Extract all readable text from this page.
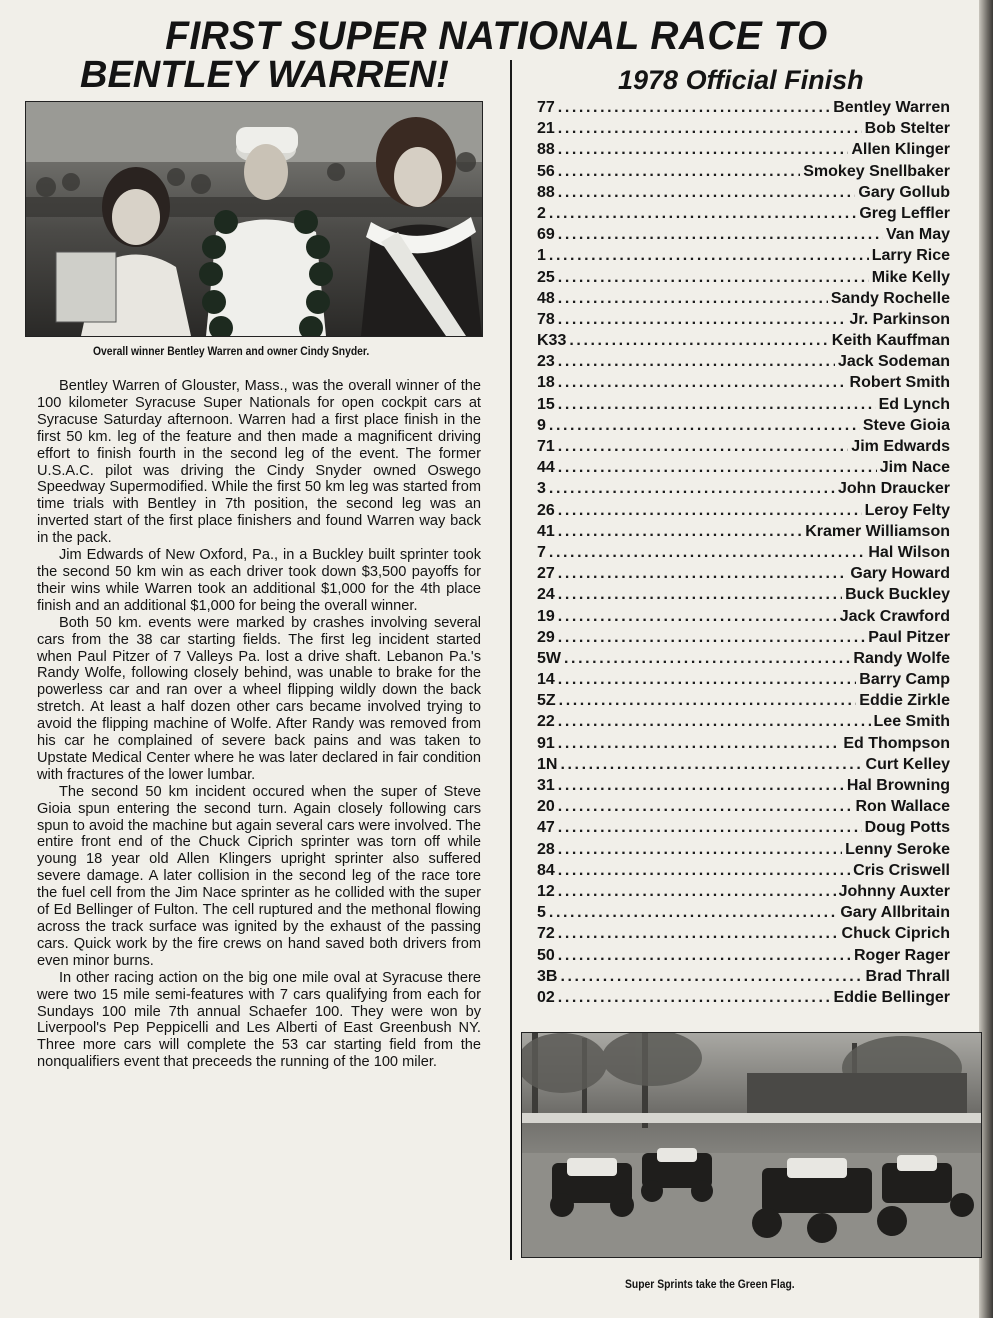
FIRST SUPER NATIONAL RACE TO
BENTLEY WARREN!

Overall winner Bentley Warren and owner Cindy Snyder.

Bentley Warren of Glouster, Mass., was the overall winner of the 100 kilometer Syracuse Super Nationals for open cockpit cars at Syracuse Saturday afternoon. Warren had a first place finish in the first 50 km. leg of the feature and then made a magnificent driving effort to finish fourth in the second leg of the event. The former U.S.A.C. pilot was driving the Cindy Snyder owned Oswego Speedway Supermodified. While the first 50 km leg was started from time trials with Bentley in 7th position, the second leg was an inverted start of the first place finishers and found Warren way back in the pack.

Jim Edwards of New Oxford, Pa., in a Buckley built sprinter took the second 50 km win as each driver took down $3,500 payoffs for their wins while Warren took an additional $1,000 for the 4th place finish and an additional $1,000 for being the overall winner.

Both 50 km. events were marked by crashes involving several cars from the 38 car starting fields. The first leg incident started when Paul Pitzer of 7 Valleys Pa. lost a drive shaft. Lebanon Pa.'s Randy Wolfe, following closely behind, was unable to brake for the powerless car and ran over a wheel flipping wildly down the back stretch. At least a half dozen other cars became involved trying to avoid the flipping machine of Wolfe. After Randy was removed from his car he complained of severe back pains and was taken to Upstate Medical Center where he was later declared in fair condition with fractures of the lower lumbar.

The second 50 km incident occured when the super of Steve Gioia spun entering the second turn. Again closely following cars spun to avoid the machine but again several cars were involved. The entire front end of the Chuck Ciprich sprinter was torn off while young 18 year old Allen Klingers upright sprinter also suffered severe damage. A later collision in the second leg of the race tore the fuel cell from the Jim Nace sprinter as he collided with the super of Ed Bellinger of Fulton. The cell ruptured and the methonal flowing across the track surface was ignited by the exhaust of the passing cars. Quick work by the fire crews on hand saved both drivers from even minor burns.

In other racing action on the big one mile oval at Syracuse there were two 15 mile semi-features with 7 cars qualifying from each for Sundays 100 mile 7th annual Schaefer 100. They were won by Liverpool's Pep Peppicelli and Les Alberti of East Greenbush NY. Three more cars will complete the 53 car starting field from the nonqualifiers event that preceeds the running of the 100 miler.

1978 Official Finish
77 .....	Bentley Warren
21 .....	Bob Stelter
88 .....	Allen Klinger
56 .....	Smokey Snellbaker
88 .....	Gary Gollub
2 .....	Greg Leffler
69 .....	Van May
1 .....	Larry Rice
25 .....	Mike Kelly
48 .....	Sandy Rochelle
78 .....	Jr. Parkinson
K33 .....	Keith Kauffman
23 .....	Jack Sodeman
18 .....	Robert Smith
15 .....	Ed Lynch
9 .....	Steve Gioia
71 .....	Jim Edwards
44 .....	Jim Nace
3 .....	John Draucker
26 .....	Leroy Felty
41 .....	Kramer Williamson
7 .....	Hal Wilson
27 .....	Gary Howard
24 .....	Buck Buckley
19 .....	Jack Crawford
29 .....	Paul Pitzer
5W .....	Randy Wolfe
14 .....	Barry Camp
5Z .....	Eddie Zirkle
22 .....	Lee Smith
91 .....	Ed Thompson
1N .....	Curt Kelley
31 .....	Hal Browning
20 .....	Ron Wallace
47 .....	Doug Potts
28 .....	Lenny Seroke
84 .....	Cris Criswell
12 .....	Johnny Auxter
5 .....	Gary Allbritain
72 .....	Chuck Ciprich
50 .....	Roger Rager
3B .....	Brad Thrall
02 .....	Eddie Bellinger

Super Sprints take the Green Flag.
